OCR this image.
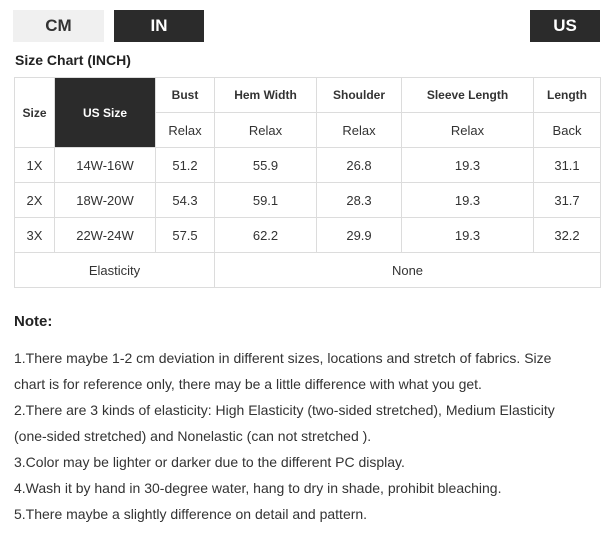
CM	IN	US
Size Chart (INCH)
Size	US Size	Bust	Hem Width	Shoulder	Sleeve Length	Length
		Relax	Relax	Relax	Relax	Back
1X	14W-16W	51.2	55.9	26.8	19.3	31.1
2X	18W-20W	54.3	59.1	28.3	19.3	31.7
3X	22W-24W	57.5	62.2	29.9	19.3	32.2
Elasticity			None			
Note:
1.There maybe 1-2 cm deviation in different sizes, locations and stretch of fabrics. Size
chart is for reference only, there may be a little difference with what you get.
2.There are 3 kinds of elasticity: High Elasticity (two-sided stretched), Medium Elasticity
(one-sided stretched) and Nonelastic (can not stretched ).
3.Color may be lighter or darker due to the different PC display.
4.Wash it by hand in 30-degree water, hang to dry in shade, prohibit bleaching.
5.There maybe a slightly difference on detail and pattern.
